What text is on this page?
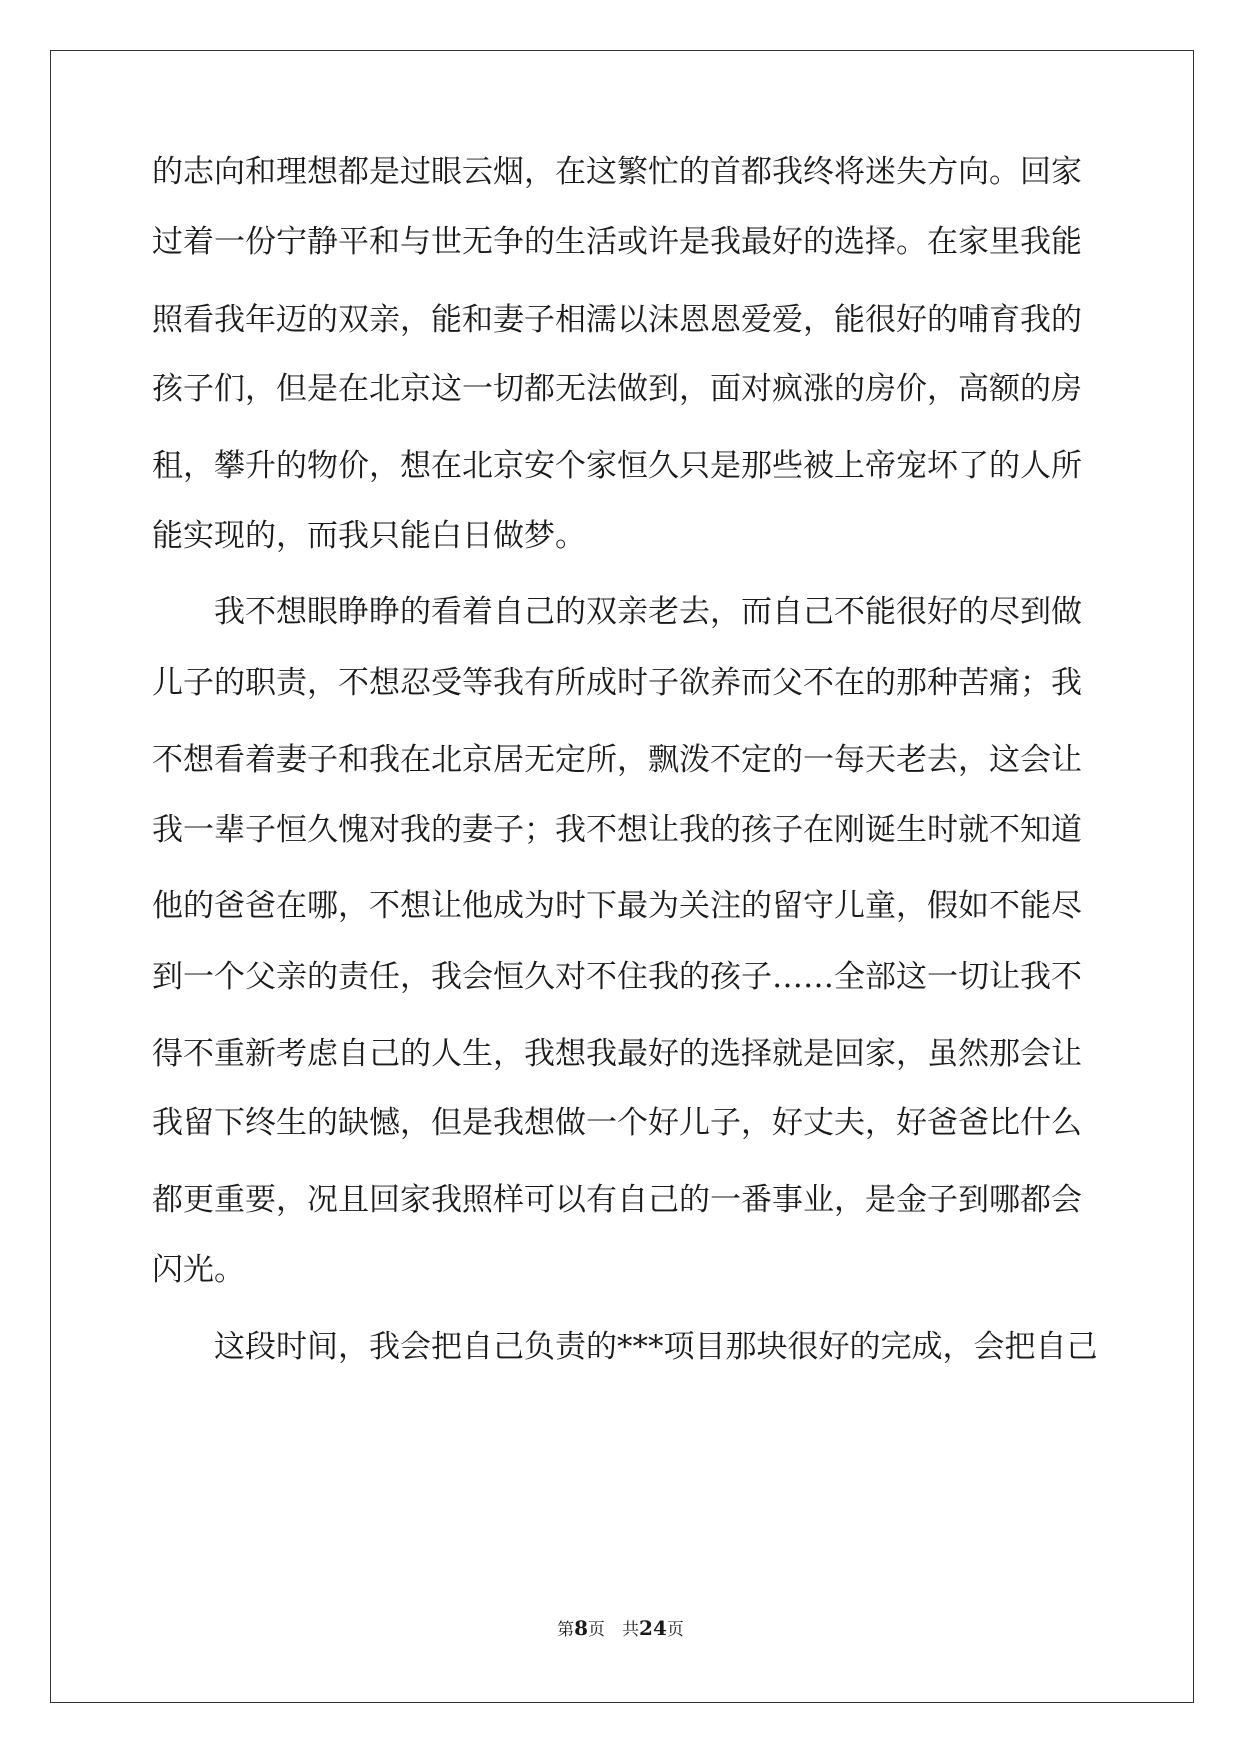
的志向和理想都是过眼云烟，在这繁忙的首都我终将迷失方向。回家
过着一份宁静平和与世无争的生活或许是我最好的选择。在家里我能
照看我年迈的双亲，能和妻子相濡以沫恩恩爱爱，能很好的哺育我的
孩子们，但是在北京这一切都无法做到，面对疯涨的房价，高额的房
租，攀升的物价，想在北京安个家恒久只是那些被上帝宠坏了的人所
能实现的，而我只能白日做梦。
　　我不想眼睁睁的看着自己的双亲老去，而自己不能很好的尽到做
儿子的职责，不想忍受等我有所成时子欲养而父不在的那种苦痛；我
不想看着妻子和我在北京居无定所，飘泼不定的一每天老去，这会让
我一辈子恒久愧对我的妻子；我不想让我的孩子在刚诞生时就不知道
他的爸爸在哪，不想让他成为时下最为关注的留守儿童，假如不能尽
到一个父亲的责任，我会恒久对不住我的孩子……全部这一切让我不
得不重新考虑自己的人生，我想我最好的选择就是回家，虽然那会让
我留下终生的缺憾，但是我想做一个好儿子，好丈夫，好爸爸比什么
都更重要，况且回家我照样可以有自己的一番事业，是金子到哪都会
闪光。
　　这段时间，我会把自己负责的***项目那块很好的完成，会把自己
第8页　 共24页
